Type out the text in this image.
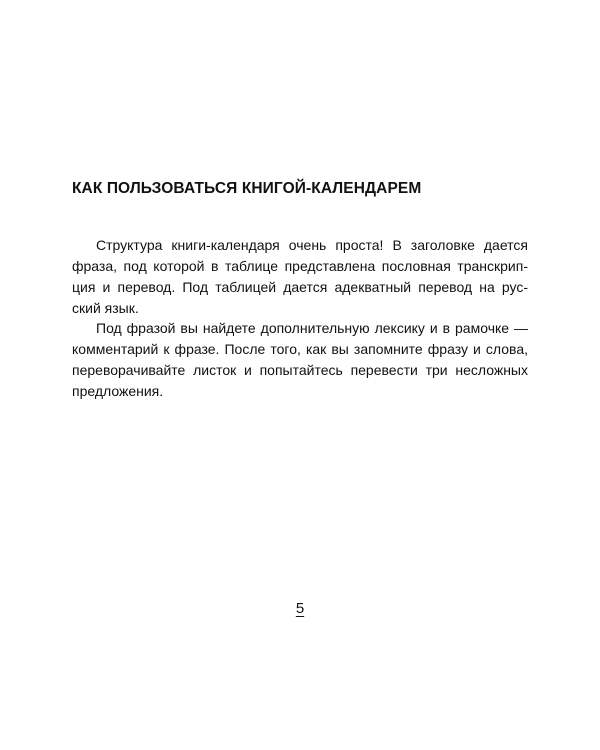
КАК ПОЛЬЗОВАТЬСЯ КНИГОЙ-КАЛЕНДАРЕМ

Структура книги-календаря очень проста! В заголовке дается
фраза, под которой в таблице представлена пословная транскрип-
ция и перевод. Под таблицей дается адекватный перевод на рус-
ский язык.

Под фразой вы найдете дополнительную лексику и в рамочке —
комментарий к фразе. После того, как вы запомните фразу и слова,
переворачивайте листок и попытайтесь перевести три несложных
предложения.

5
